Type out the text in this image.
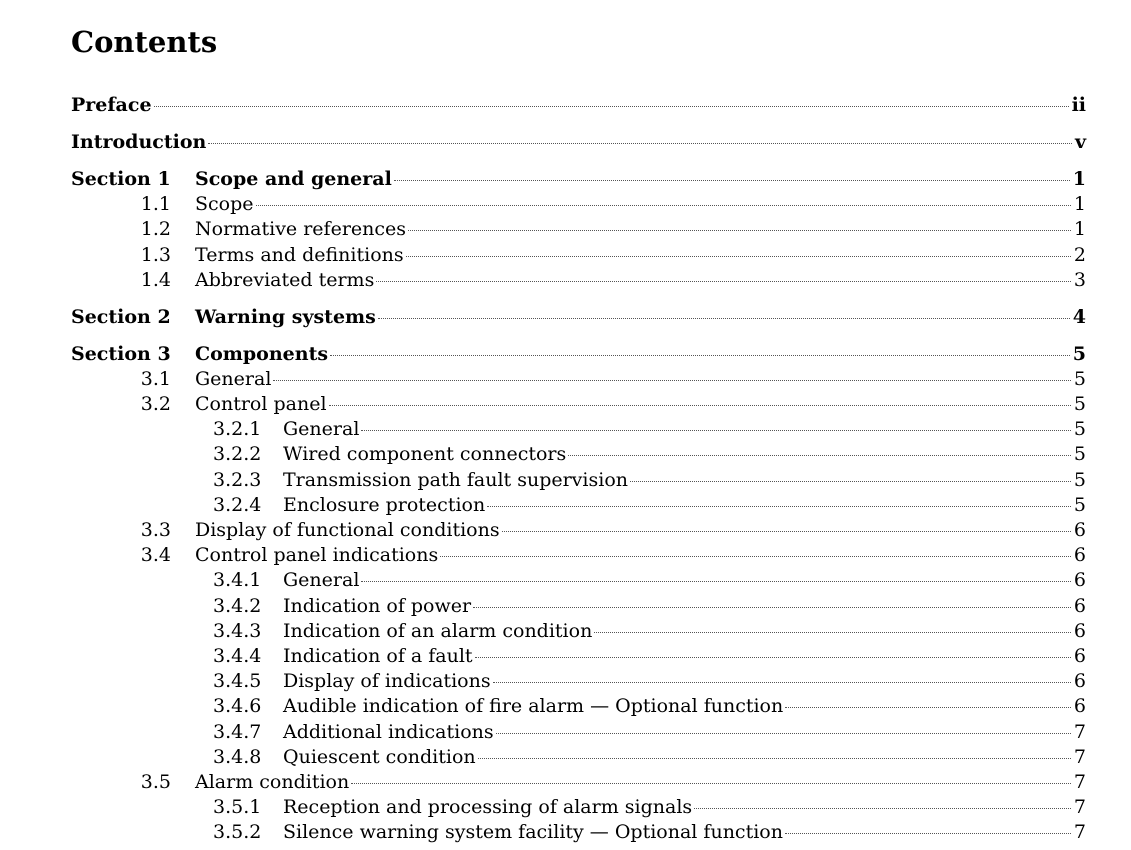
Contents
Preface	ii
Introduction	v
Section 1	Scope and general	1
1.1	Scope	1
1.2	Normative references	1
1.3	Terms and definitions	2
1.4	Abbreviated terms	3
Section 2	Warning systems	4
Section 3	Components	5
3.1	General	5
3.2	Control panel	5
3.2.1	General	5
3.2.2	Wired component connectors	5
3.2.3	Transmission path fault supervision	5
3.2.4	Enclosure protection	5
3.3	Display of functional conditions	6
3.4	Control panel indications	6
3.4.1	General	6
3.4.2	Indication of power	6
3.4.3	Indication of an alarm condition	6
3.4.4	Indication of a fault	6
3.4.5	Display of indications	6
3.4.6	Audible indication of fire alarm — Optional function	6
3.4.7	Additional indications	7
3.4.8	Quiescent condition	7
3.5	Alarm condition	7
3.5.1	Reception and processing of alarm signals	7
3.5.2	Silence warning system facility — Optional function	7
